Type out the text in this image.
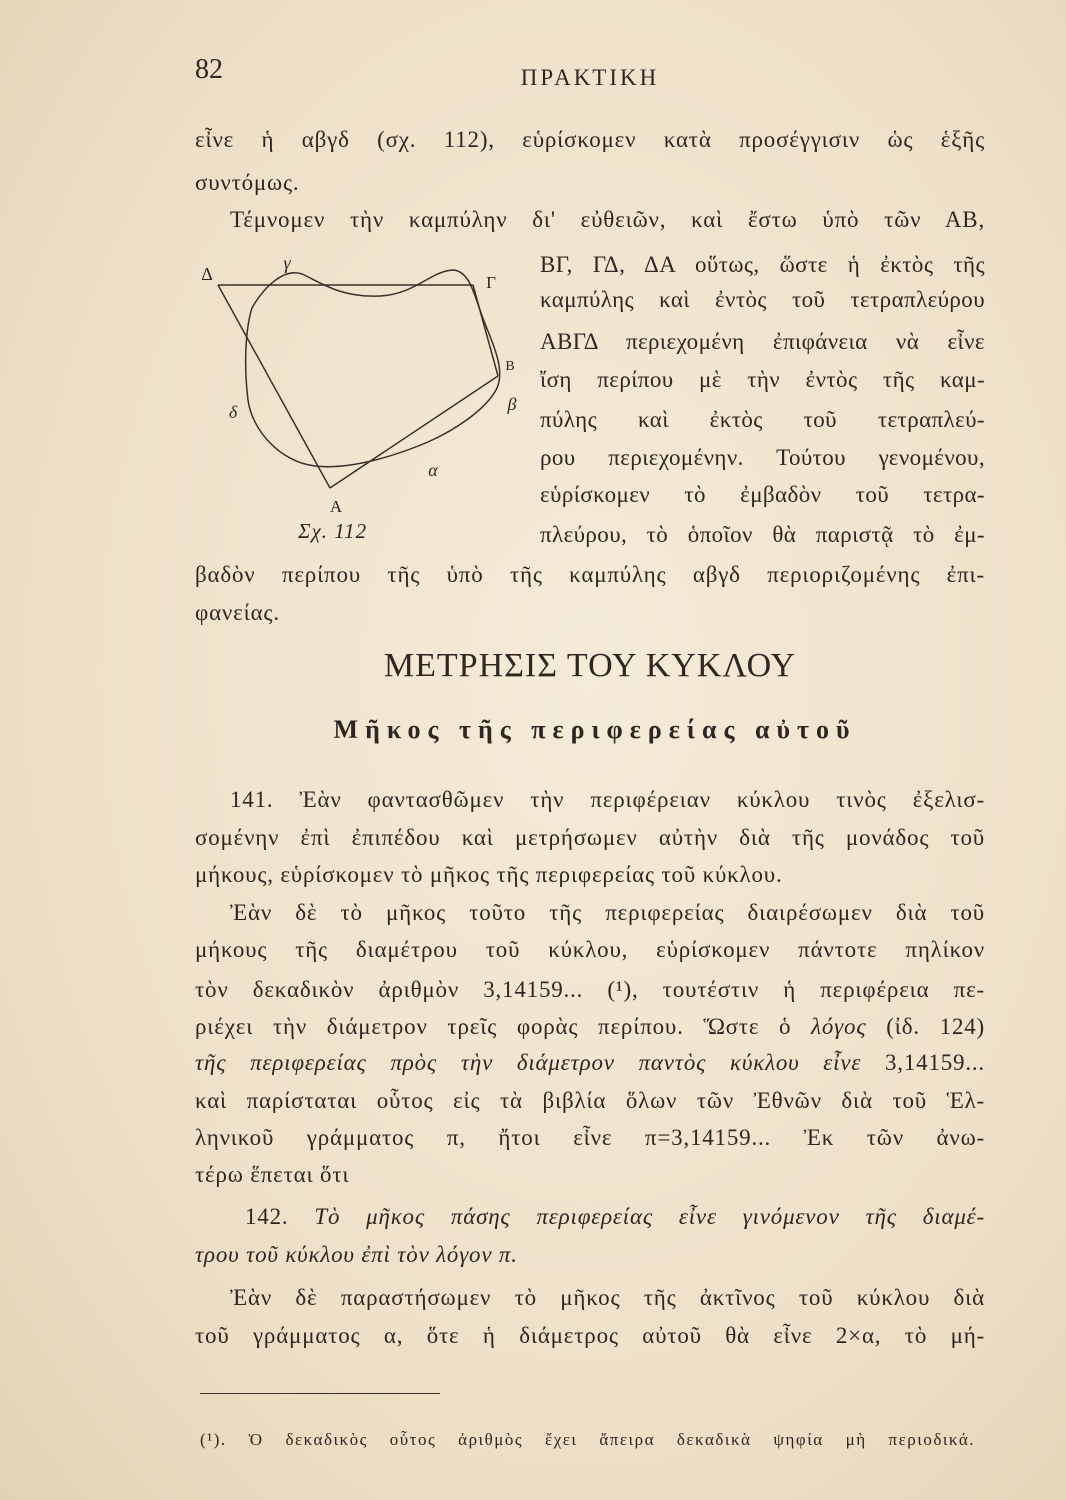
82	ΠΡΑΚΤΙΚΗ
εἶνε ἡ αβγδ (σχ. 112), εὑρίσκομεν κατὰ προσέγγισιν ὡς ἑξῆς
συντόμως.
Τέμνομεν τὴν καμπύλην δι' εὐθειῶν, καὶ ἔστω ὑπὸ τῶν ΑΒ,
ΒΓ, ΓΔ, ΔΑ οὕτως, ὥστε ἡ ἐκτὸς τῆς
καμπύλης καὶ ἐντὸς τοῦ τετραπλεύρου
ΑΒΓΔ περιεχομένη ἐπιφάνεια νὰ εἶνε
ἴση περίπου μὲ τὴν ἐντὸς τῆς καμ-
πύλης καὶ ἐκτὸς τοῦ τετραπλεύ-
ρου περιεχομένην. Τούτου γενομένου,
εὑρίσκομεν τὸ ἐμβαδὸν τοῦ τετρα-
πλεύρου, τὸ ὁποῖον θὰ παριστᾷ τὸ ἐμ-
Δ
γ
Γ
Β
β
δ
α
Α
Σχ. 112
βαδὸν περίπου τῆς ὑπὸ τῆς καμπύλης αβγδ περιοριζομένης ἐπι-
φανείας.
ΜΕΤΡΗΣΙΣ ΤΟΥ ΚΥΚΛΟΥ
Μῆκος τῆς περιφερείας αὐτοῦ
141. Ἐὰν φαντασθῶμεν τὴν περιφέρειαν κύκλου τινὸς ἐξελισ-
σομένην ἐπὶ ἐπιπέδου καὶ μετρήσωμεν αὐτὴν διὰ τῆς μονάδος τοῦ
μήκους, εὑρίσκομεν τὸ μῆκος τῆς περιφερείας τοῦ κύκλου.
Ἐὰν δὲ τὸ μῆκος τοῦτο τῆς περιφερείας διαιρέσωμεν διὰ τοῦ
μήκους τῆς διαμέτρου τοῦ κύκλου, εὑρίσκομεν πάντοτε πηλίκον
τὸν δεκαδικὸν ἀριθμὸν 3,14159... (¹), τουτέστιν ἡ περιφέρεια πε-
ριέχει τὴν διάμετρον τρεῖς φορὰς περίπου. Ὥστε ὁ λόγος (ἰδ. 124)
τῆς περιφερείας πρὸς τὴν διάμετρον παντὸς κύκλου εἶνε 3,14159...
καὶ παρίσταται οὗτος εἰς τὰ βιβλία ὅλων τῶν Ἐθνῶν διὰ τοῦ Ἑλ-
ληνικοῦ γράμματος π, ἤτοι εἶνε π=3,14159... Ἐκ τῶν ἀνω-
τέρω ἕπεται ὅτι
142. Τὸ μῆκος πάσης περιφερείας εἶνε γινόμενον τῆς διαμέ-
τρου τοῦ κύκλου ἐπὶ τὸν λόγον π.
Ἐὰν δὲ παραστήσωμεν τὸ μῆκος τῆς ἀκτῖνος τοῦ κύκλου διὰ
τοῦ γράμματος α, ὅτε ἡ διάμετρος αὐτοῦ θὰ εἶνε 2×α, τὸ μή-
(¹). Ὁ δεκαδικὸς οὗτος ἀριθμὸς ἔχει ἄπειρα δεκαδικὰ ψηφία μὴ περιοδικά.
